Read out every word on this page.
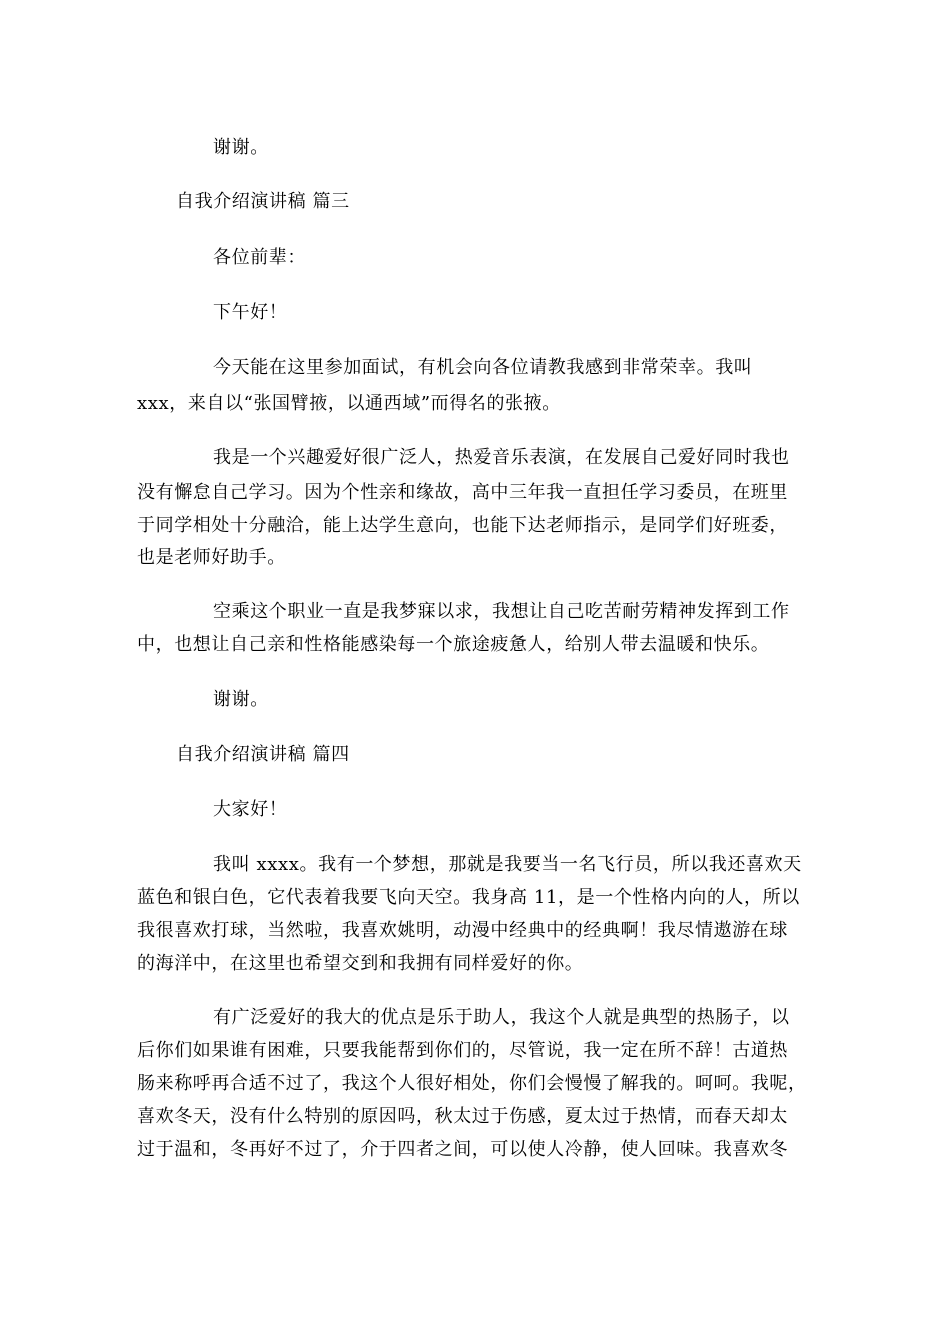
谢谢。
自我介绍演讲稿 篇三
各位前辈：
下午好！
今天能在这里参加面试，有机会向各位请教我感到非常荣幸。我叫
xxx，来自以“张国臂掖，以通西域”而得名的张掖。
我是一个兴趣爱好很广泛人，热爱音乐表演，在发展自己爱好同时我也
没有懈怠自己学习。因为个性亲和缘故，高中三年我一直担任学习委员，在班里
于同学相处十分融洽，能上达学生意向，也能下达老师指示，是同学们好班委，
也是老师好助手。
空乘这个职业一直是我梦寐以求，我想让自己吃苦耐劳精神发挥到工作
中，也想让自己亲和性格能感染每一个旅途疲惫人，给别人带去温暖和快乐。
谢谢。
自我介绍演讲稿 篇四
大家好！
我叫 xxxx。我有一个梦想，那就是我要当一名飞行员，所以我还喜欢天
蓝色和银白色，它代表着我要飞向天空。我身高 11，是一个性格内向的人，所以
我很喜欢打球，当然啦，我喜欢姚明，动漫中经典中的经典啊！我尽情遨游在球
的海洋中，在这里也希望交到和我拥有同样爱好的你。
有广泛爱好的我大的优点是乐于助人，我这个人就是典型的热肠子，以
后你们如果谁有困难，只要我能帮到你们的，尽管说，我一定在所不辞！古道热
肠来称呼再合适不过了，我这个人很好相处，你们会慢慢了解我的。呵呵。我呢，
喜欢冬天，没有什么特别的原因吗，秋太过于伤感，夏太过于热情，而春天却太
过于温和，冬再好不过了，介于四者之间，可以使人冷静，使人回味。我喜欢冬
